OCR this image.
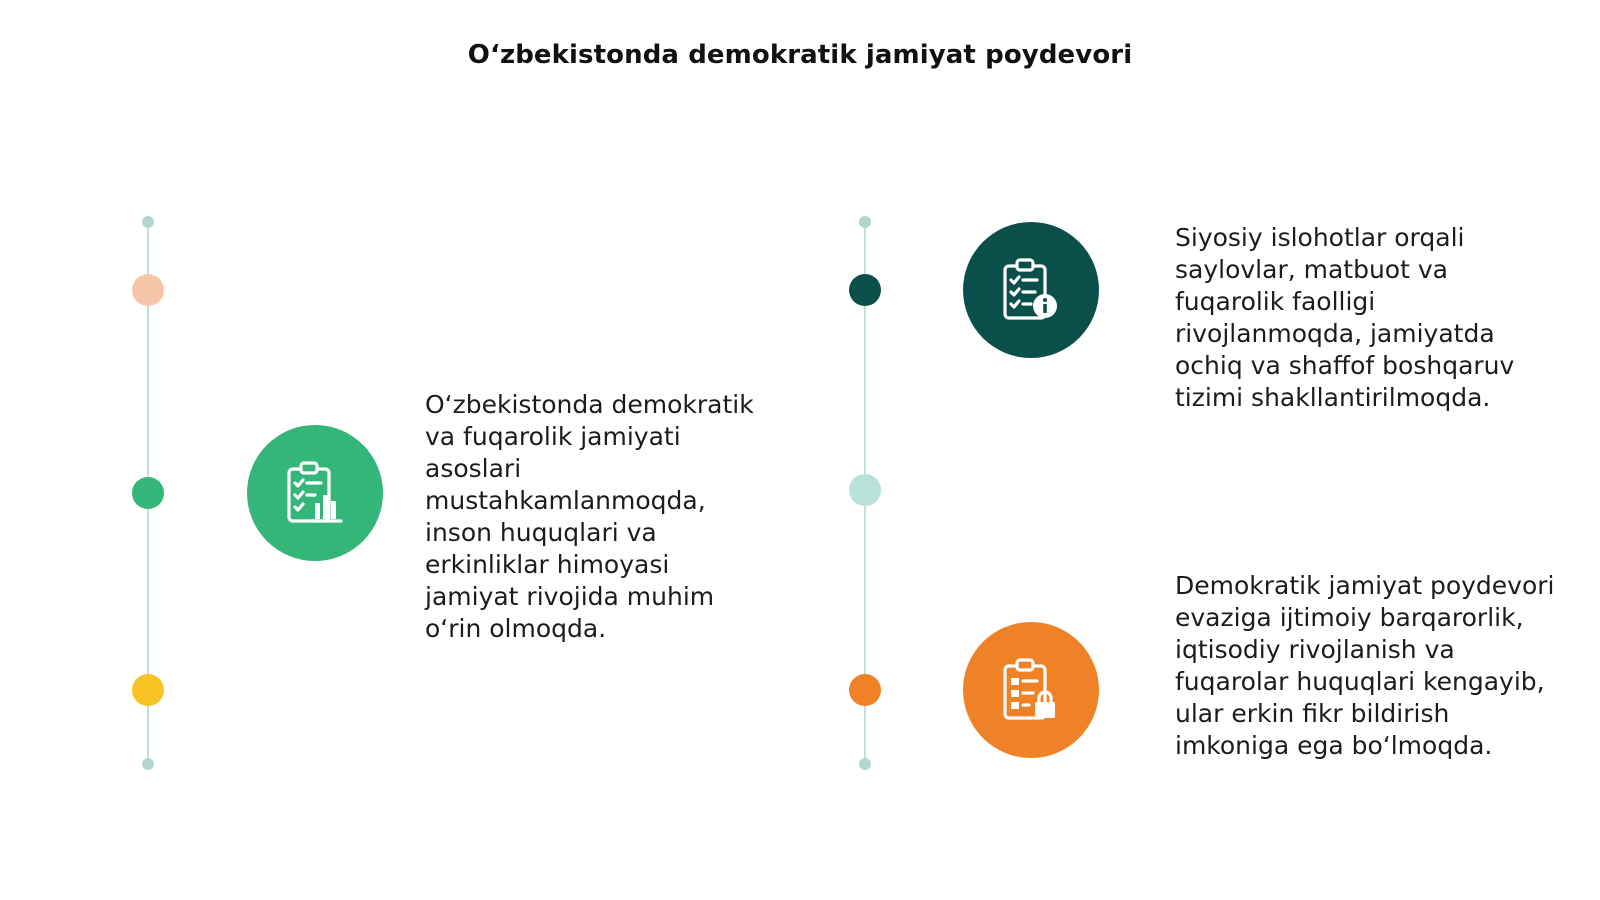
O‘zbekistonda demokratik jamiyat poydevori
O‘zbekistonda demokratik va fuqarolik jamiyati asoslari mustahkamlanmoqda, inson huquqlari va erkinliklar himoyasi jamiyat rivojida muhim o‘rin olmoqda.
Siyosiy islohotlar orqali saylovlar, matbuot va fuqarolik faolligi rivojlanmoqda, jamiyatda ochiq va shaffof boshqaruv tizimi shakllantirilmoqda.
Demokratik jamiyat poydevori evaziga ijtimoiy barqarorlik, iqtisodiy rivojlanish va fuqarolar huquqlari kengayib, ular erkin fikr bildirish imkoniga ega bo‘lmoqda.
